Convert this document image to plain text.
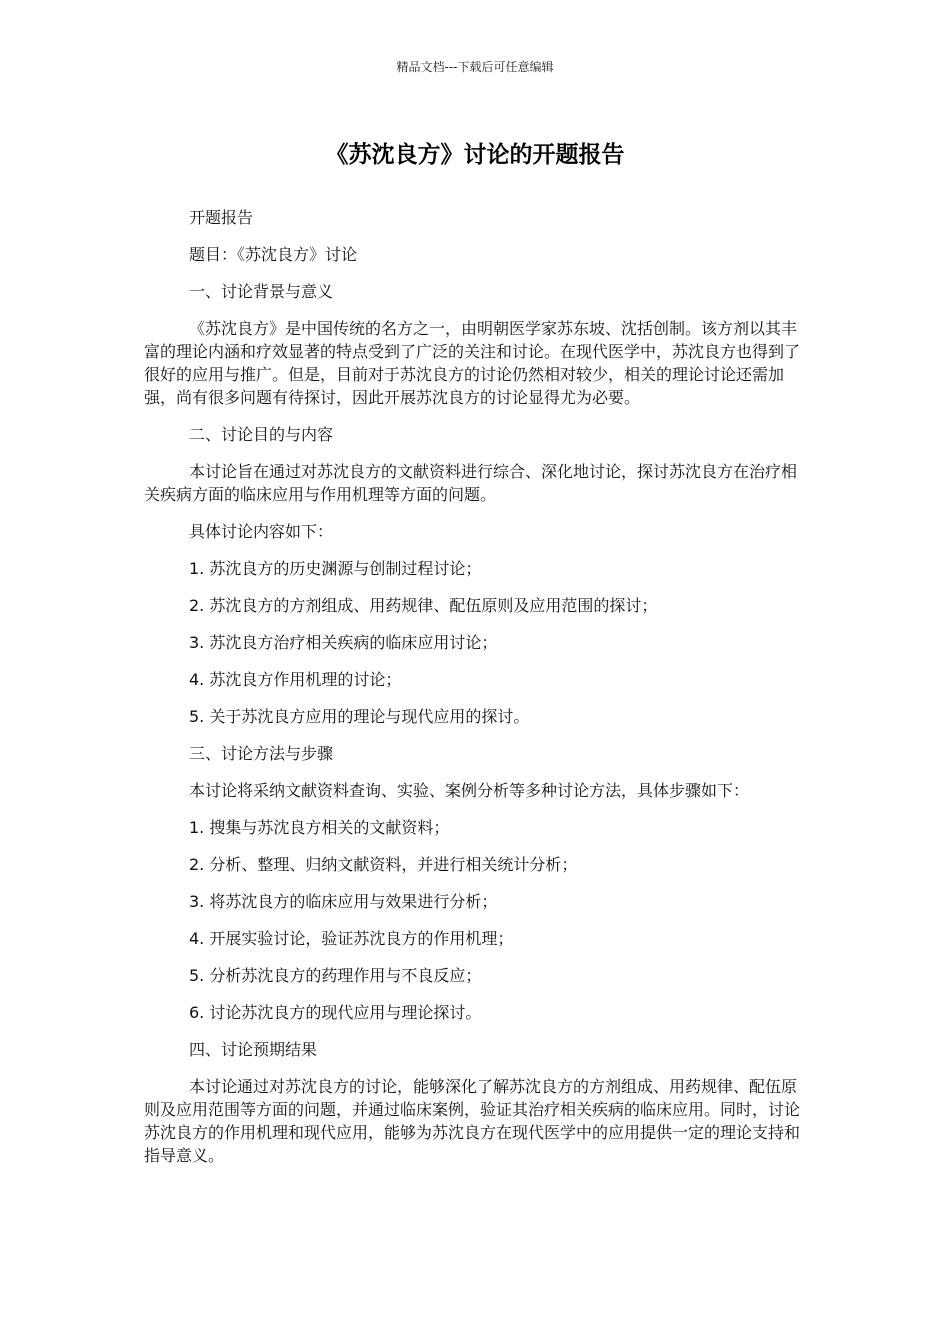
精品文档---下载后可任意编辑
《苏沈良方》讨论的开题报告

开题报告

题目：《苏沈良方》讨论

一、讨论背景与意义

《苏沈良方》是中国传统的名方之一，由明朝医学家苏东坡、沈括创制。该方剂以其丰富的理论内涵和疗效显著的特点受到了广泛的关注和讨论。在现代医学中，苏沈良方也得到了很好的应用与推广。但是，目前对于苏沈良方的讨论仍然相对较少，相关的理论讨论还需加强，尚有很多问题有待探讨，因此开展苏沈良方的讨论显得尤为必要。

二、讨论目的与内容

本讨论旨在通过对苏沈良方的文献资料进行综合、深化地讨论，探讨苏沈良方在治疗相关疾病方面的临床应用与作用机理等方面的问题。

具体讨论内容如下：

1. 苏沈良方的历史渊源与创制过程讨论；

2. 苏沈良方的方剂组成、用药规律、配伍原则及应用范围的探讨；

3. 苏沈良方治疗相关疾病的临床应用讨论；

4. 苏沈良方作用机理的讨论；

5. 关于苏沈良方应用的理论与现代应用的探讨。

三、讨论方法与步骤

本讨论将采纳文献资料查询、实验、案例分析等多种讨论方法，具体步骤如下：

1. 搜集与苏沈良方相关的文献资料；

2. 分析、整理、归纳文献资料，并进行相关统计分析；

3. 将苏沈良方的临床应用与效果进行分析；

4. 开展实验讨论，验证苏沈良方的作用机理；

5. 分析苏沈良方的药理作用与不良反应；

6. 讨论苏沈良方的现代应用与理论探讨。

四、讨论预期结果

本讨论通过对苏沈良方的讨论，能够深化了解苏沈良方的方剂组成、用药规律、配伍原则及应用范围等方面的问题，并通过临床案例，验证其治疗相关疾病的临床应用。同时，讨论苏沈良方的作用机理和现代应用，能够为苏沈良方在现代医学中的应用提供一定的理论支持和指导意义。
